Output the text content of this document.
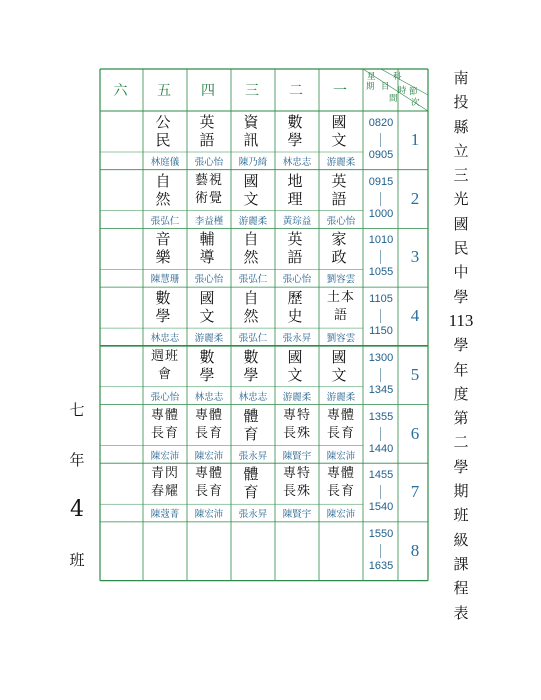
星 科
期 目 時 節
間 次
一
二
三
四
五
六
國
文
游麗柔
數
學
林忠志
資
訊
陳乃綺
英
語
張心怡
公
民
林庭儀
0820
0905
1
英
語
張心怡
地
理
黃琮益
國
文
游麗柔
藝視
術覺
李益槿
自
然
張弘仁
0915
1000
2
家
政
劉容雲
英
語
張心怡
自
然
張弘仁
輔
導
張心怡
音
樂
陳慧珊
1010
1055
3
土本
語
劉容雲
歷
史
張永昇
自
然
張弘仁
國
文
游麗柔
數
學
林忠志
1105
1150
4
國
文
游麗柔
國
文
游麗柔
數
學
林忠志
數
學
林忠志
週班
會
張心怡
1300
1345
5
專體
長育
陳宏沛
專特
長殊
陳賢宇
體
育
張永昇
專體
長育
陳宏沛
專體
長育
陳宏沛
1355
1440
6
專體
長育
陳宏沛
專特
長殊
陳賢宇
體
育
張永昇
專體
長育
陳宏沛
青閃
春耀
陳蔻菁
1455
1540
7
1550
1635
8
七
年
4
班
南
投
縣
立
三
光
國
民
中
學
113
學
年
度
第
二
學
期
班
級
課
程
表
